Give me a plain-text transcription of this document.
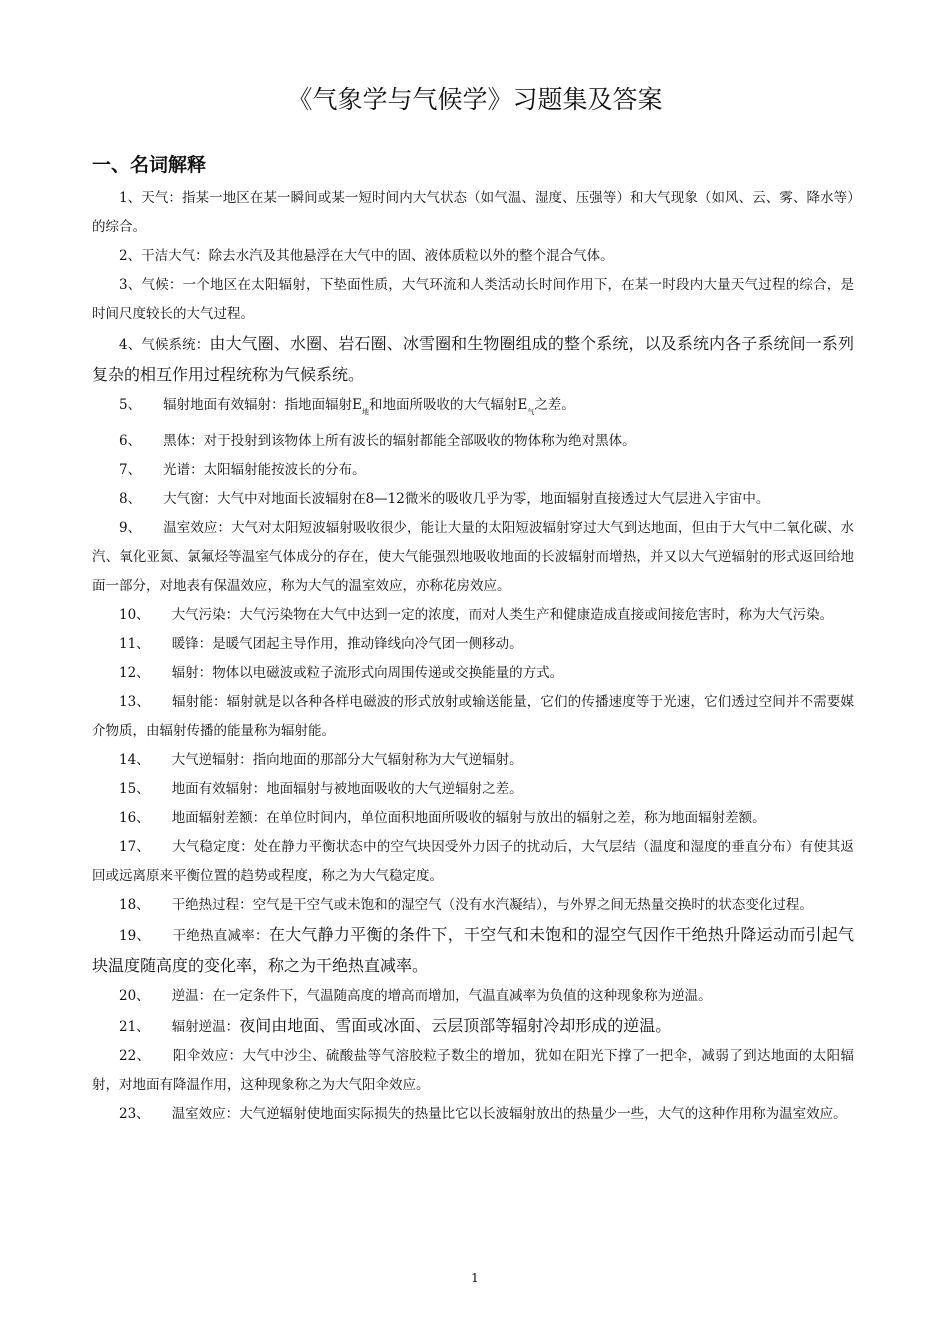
《气象学与气候学》习题集及答案
一、名词解释

1、天气：指某一地区在某一瞬间或某一短时间内大气状态（如气温、湿度、压强等）和大气现象（如风、云、雾、降水等）的综合。

2、干洁大气：除去水汽及其他悬浮在大气中的固、液体质粒以外的整个混合气体。

3、气候：一个地区在太阳辐射，下垫面性质，大气环流和人类活动长时间作用下，在某一时段内大量天气过程的综合，是时间尺度较长的大气过程。

4、气候系统：由大气圈、水圈、岩石圈、冰雪圈和生物圈组成的整个系统，以及系统内各子系统间一系列复杂的相互作用过程统称为气候系统。

5、 辐射地面有效辐射：指地面辐射$E_地$和地面所吸收的大气辐射$E_气$之差。

6、 黑体：对于投射到该物体上所有波长的辐射都能全部吸收的物体称为绝对黑体。

7、 光谱：太阳辐射能按波长的分布。

8、 大气窗：大气中对地面长波辐射在8—12微米的吸收几乎为零，地面辐射直接透过大气层进入宇宙中。

9、 温室效应：大气对太阳短波辐射吸收很少，能让大量的太阳短波辐射穿过大气到达地面，但由于大气中二氧化碳、水汽、氧化亚氮、氯氟烃等温室气体成分的存在，使大气能强烈地吸收地面的长波辐射而增热，并又以大气逆辐射的形式返回给地面一部分，对地表有保温效应，称为大气的温室效应，亦称花房效应。

10、 大气污染：大气污染物在大气中达到一定的浓度，而对人类生产和健康造成直接或间接危害时，称为大气污染。

11、 暖锋：是暖气团起主导作用，推动锋线向冷气团一侧移动。

12、 辐射：物体以电磁波或粒子流形式向周围传递或交换能量的方式。

13、 辐射能：辐射就是以各种各样电磁波的形式放射或输送能量，它们的传播速度等于光速，它们透过空间并不需要媒介物质，由辐射传播的能量称为辐射能。

14、 大气逆辐射：指向地面的那部分大气辐射称为大气逆辐射。

15、 地面有效辐射：地面辐射与被地面吸收的大气逆辐射之差。

16、 地面辐射差额：在单位时间内，单位面积地面所吸收的辐射与放出的辐射之差，称为地面辐射差额。

17、 大气稳定度：处在静力平衡状态中的空气块因受外力因子的扰动后，大气层结（温度和湿度的垂直分布）有使其返回或远离原来平衡位置的趋势或程度，称之为大气稳定度。

18、 干绝热过程：空气是干空气或未饱和的湿空气（没有水汽凝结），与外界之间无热量交换时的状态变化过程。

19、 干绝热直减率：在大气静力平衡的条件下，干空气和未饱和的湿空气因作干绝热升降运动而引起气块温度随高度的变化率，称之为干绝热直减率。

20、 逆温：在一定条件下，气温随高度的增高而增加，气温直减率为负值的这种现象称为逆温。

21、 辐射逆温：夜间由地面、雪面或冰面、云层顶部等辐射冷却形成的逆温。

22、 阳伞效应：大气中沙尘、硫酸盐等气溶胶粒子数尘的增加，犹如在阳光下撑了一把伞，减弱了到达地面的太阳辐射，对地面有降温作用，这种现象称之为大气阳伞效应。

23、 温室效应：大气逆辐射使地面实际损失的热量比它以长波辐射放出的热量少一些，大气的这种作用称为温室效应。

1
